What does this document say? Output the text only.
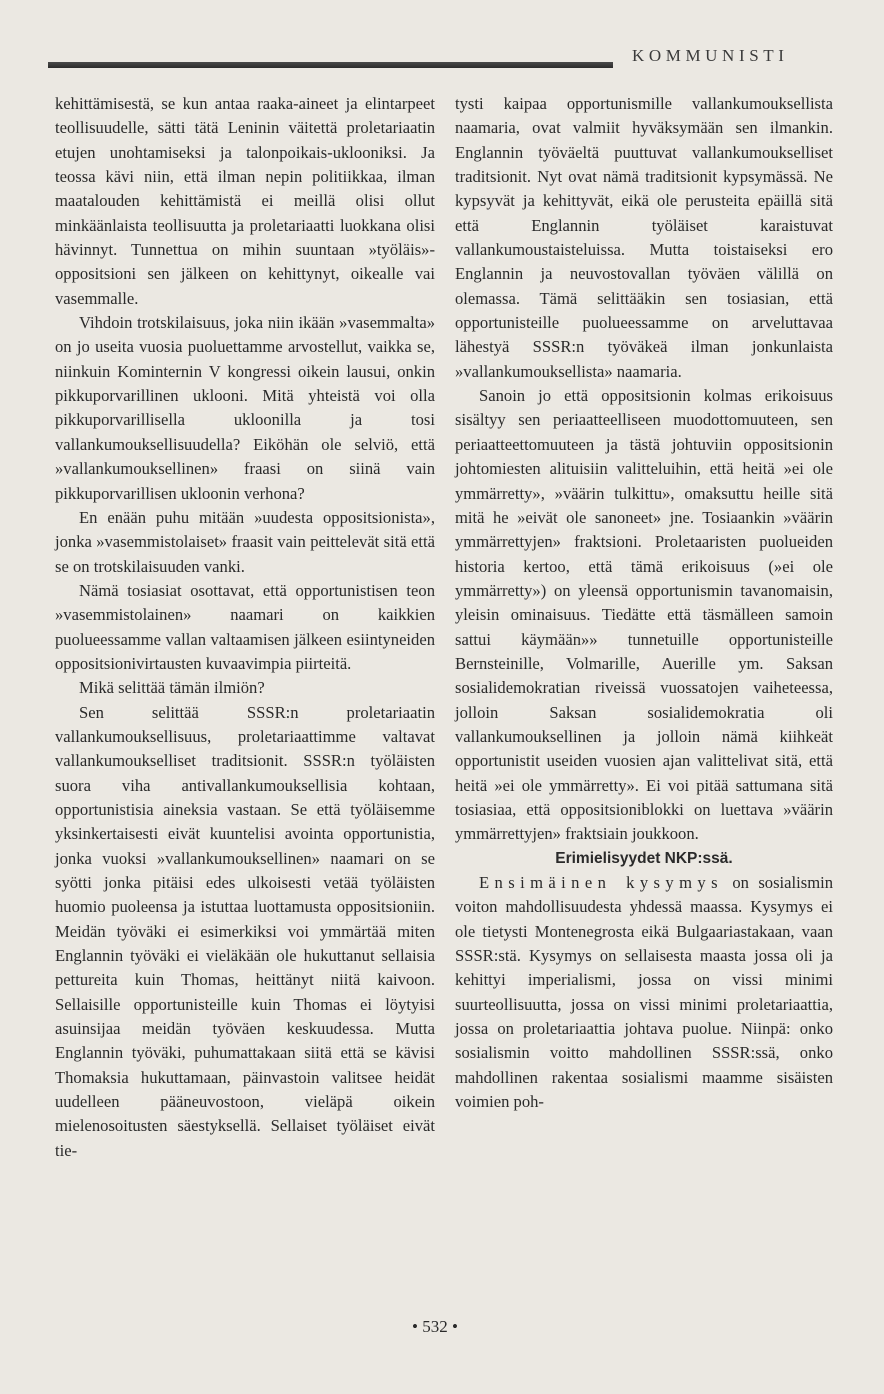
KOMMUNISTI

kehittämisestä, se kun antaa raaka-aineet ja elintarpeet teollisuudelle, sätti tätä Leninin väitettä proletariaatin etujen unohtamiseksi ja talonpoikais-uklooniksi. Ja teossa kävi niin, että ilman nepin politiikkaa, ilman maatalouden kehittämistä ei meillä olisi ollut minkäänlaista teollisuutta ja proletariaatti luokkana olisi hävinnyt. Tunnettua on mihin suuntaan »työläis»-oppositsioni sen jälkeen on kehittynyt, oikealle vai vasemmalle.

Vihdoin trotskilaisuus, joka niin ikään »vasemmalta» on jo useita vuosia puoluettamme arvostellut, vaikka se, niinkuin Kominternin V kongressi oikein lausui, onkin pikkuporvarillinen uklooni. Mitä yhteistä voi olla pikkuporvarillisella ukloonilla ja tosi vallankumouksellisuudella? Eiköhän ole selviö, että »vallankumouksellinen» fraasi on siinä vain pikkuporvarillisen ukloonin verhona?

En enään puhu mitään »uudesta oppositsionista», jonka »vasemmistolaiset» fraasit vain peittelevät sitä että se on trotskilaisuuden vanki.

Nämä tosiasiat osottavat, että opportunistisen teon »vasemmistolainen» naamari on kaikkien puolueessamme vallan valtaamisen jälkeen esiintyneiden oppositsionivirtausten kuvaavimpia piirteitä.

Mikä selittää tämän ilmiön?

Sen selittää SSSR:n proletariaatin vallankumouksellisuus, proletariaattimme valtavat vallankumoukselliset traditsionit. SSSR:n työläisten suora viha antivallankumouksellisia kohtaan, opportunistisia aineksia vastaan. Se että työläisemme yksinkertaisesti eivät kuuntelisi avointa opportunistia, jonka vuoksi »vallankumouksellinen» naamari on se syötti jonka pitäisi edes ulkoisesti vetää työläisten huomio puoleensa ja istuttaa luottamusta oppositsioniin. Meidän työväki ei esimerkiksi voi ymmärtää miten Englannin työväki ei vieläkään ole hukuttanut sellaisia pettureita kuin Thomas, heittänyt niitä kaivoon. Sellaisille opportunisteille kuin Thomas ei löytyisi asuinsijaa meidän työväen keskuudessa. Mutta Englannin työväki, puhumattakaan siitä että se kävisi Thomaksia hukuttamaan, päinvastoin valitsee heidät uudelleen pääneuvostoon, vieläpä oikein mielenosoitusten säestyksellä. Sellaiset työläiset eivät tie-

tysti kaipaa opportunismille vallankumouksellista naamaria, ovat valmiit hyväksymään sen ilmankin. Englannin työväeltä puuttuvat vallankumoukselliset traditsionit. Nyt ovat nämä traditsionit kypsymässä. Ne kypsyvät ja kehittyvät, eikä ole perusteita epäillä sitä että Englannin työläiset karaistuvat vallankumoustaisteluissa. Mutta toistaiseksi ero Englannin ja neuvostovallan työväen välillä on olemassa. Tämä selittääkin sen tosiasian, että opportunisteille puolueessamme on arveluttavaa lähestyä SSSR:n työväkeä ilman jonkunlaista »vallankumouksellista» naamaria.

Sanoin jo että oppositsionin kolmas erikoisuus sisältyy sen periaatteelliseen muodottomuuteen, sen periaatteettomuuteen ja tästä johtuviin oppositsionin johtomiesten alituisiin valitteluihin, että heitä »ei ole ymmärretty», »väärin tulkittu», omaksuttu heille sitä mitä he »eivät ole sanoneet» jne. Tosiaankin »väärin ymmärrettyjen» fraktsioni. Proletaaristen puolueiden historia kertoo, että tämä erikoisuus (»ei ole ymmärretty») on yleensä opportunismin tavanomaisin, yleisin ominaisuus. Tiedätte että täsmälleen samoin sattui käymään»» tunnetuille opportunisteille Bernsteinille, Volmarille, Auerille ym. Saksan sosialidemokratian riveissä vuossatojen vaiheteessa, jolloin Saksan sosialidemokratia oli vallankumouksellinen ja jolloin nämä kiihkeät opportunistit useiden vuosien ajan valittelivat sitä, että heitä »ei ole ymmärretty». Ei voi pitää sattumana sitä tosiasiaa, että oppositsioniblokki on luettava »väärin ymmärrettyjen» fraktsiain joukkoon.

Erimielisyydet NKP:ssä.

Ensimäinen kysymys on sosialismin voiton mahdollisuudesta yhdessä maassa. Kysymys ei ole tietysti Montenegrosta eikä Bulgaariastakaan, vaan SSSR:stä. Kysymys on sellaisesta maasta jossa oli ja kehittyi imperialismi, jossa on vissi minimi suurteollisuutta, jossa on vissi minimi proletariaattia, jossa on proletariaattia johtava puolue. Niinpä: onko sosialismin voitto mahdollinen SSSR:ssä, onko mahdollinen rakentaa sosialismi maamme sisäisten voimien poh-

• 532 •
